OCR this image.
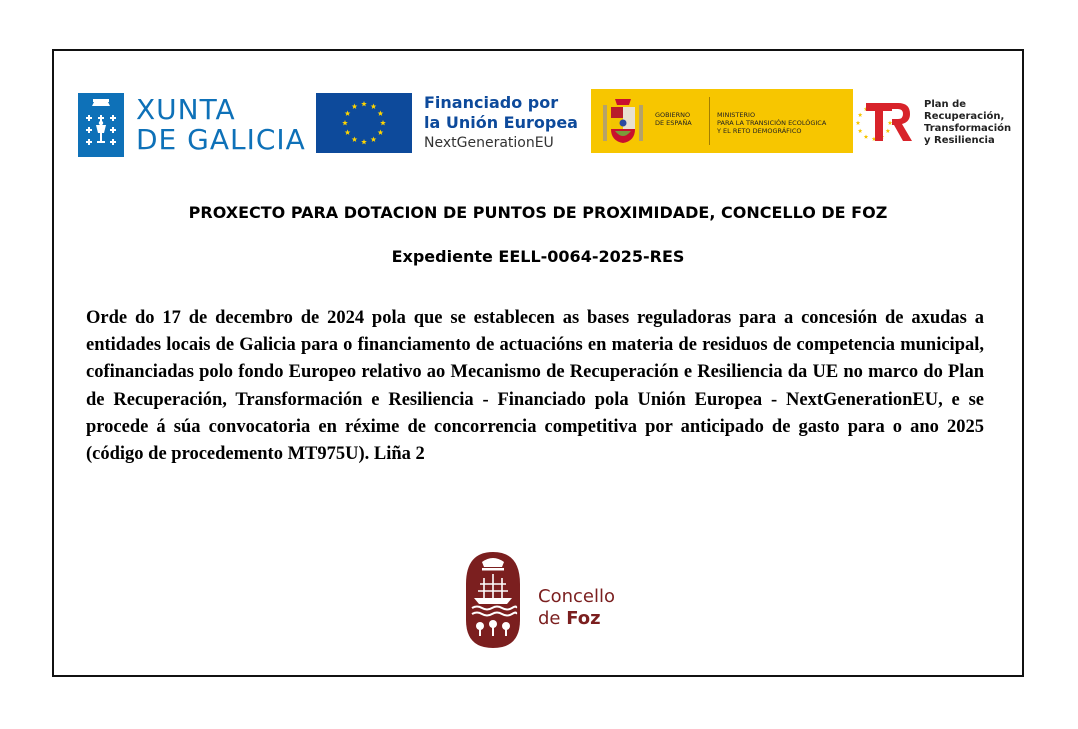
XUNTA
DE GALICIA
Financiado por
la Unión Europea
NextGenerationEU
GOBIERNO
DE ESPAÑA
MINISTERIO
PARA LA TRANSICIÓN ECOLÓGICA
Y EL RETO DEMOGRÁFICO
Plan de
Recuperación,
Transformación
y Resiliencia
PROXECTO PARA DOTACION DE PUNTOS DE PROXIMIDADE, CONCELLO DE FOZ
Expediente EELL-0064-2025-RES

Orde do 17 de decembro de 2024 pola que se establecen as bases reguladoras para a concesión de axudas a entidades locais de Galicia para o financiamento de actuacións en materia de residuos de competencia municipal, cofinanciadas polo fondo Europeo relativo ao Mecanismo de Recuperación e Resiliencia da UE no marco do Plan de Recuperación, Transformación e Resiliencia - Financiado pola Unión Europea - NextGenerationEU, e se procede á súa convocatoria en réxime de concorrencia competitiva por anticipado de gasto para o ano 2025 (código de procedemento MT975U). Liña 2

Concello
de Foz
